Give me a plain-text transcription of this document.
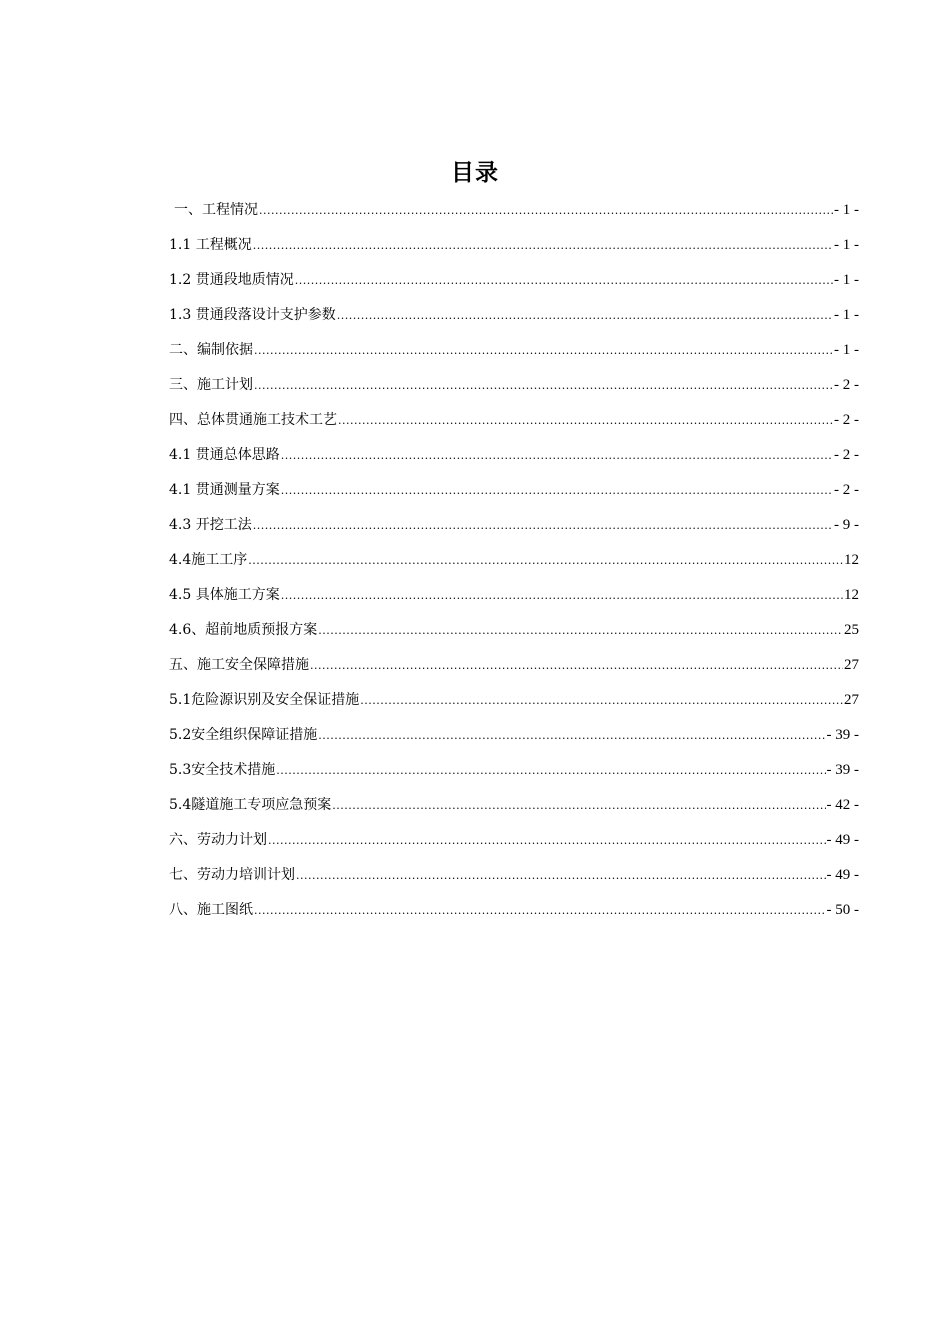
目录
一、工程情况 .....	- 1 -
1.1 工程概况 .....	- 1 -
1.2 贯通段地质情况 .....	- 1 -
1.3 贯通段落设计支护参数 .....	- 1 -
二、编制依据 .....	- 1 -
三、施工计划 .....	- 2 -
四、总体贯通施工技术工艺 .....	- 2 -
4.1 贯通总体思路 .....	- 2 -
4.1 贯通测量方案 .....	- 2 -
4.3 开挖工法 .....	- 9 -
4.4施工工序 .....	12
4.5 具体施工方案 .....	12
4.6、超前地质预报方案 .....	25
五、施工安全保障措施 .....	27
5.1危险源识别及安全保证措施 .....	27
5.2安全组织保障证措施 .....	- 39 -
5.3安全技术措施 .....	- 39 -
5.4隧道施工专项应急预案 .....	- 42 -
六、劳动力计划 .....	- 49 -
七、劳动力培训计划 .....	- 49 -
八、施工图纸 .....	- 50 -
